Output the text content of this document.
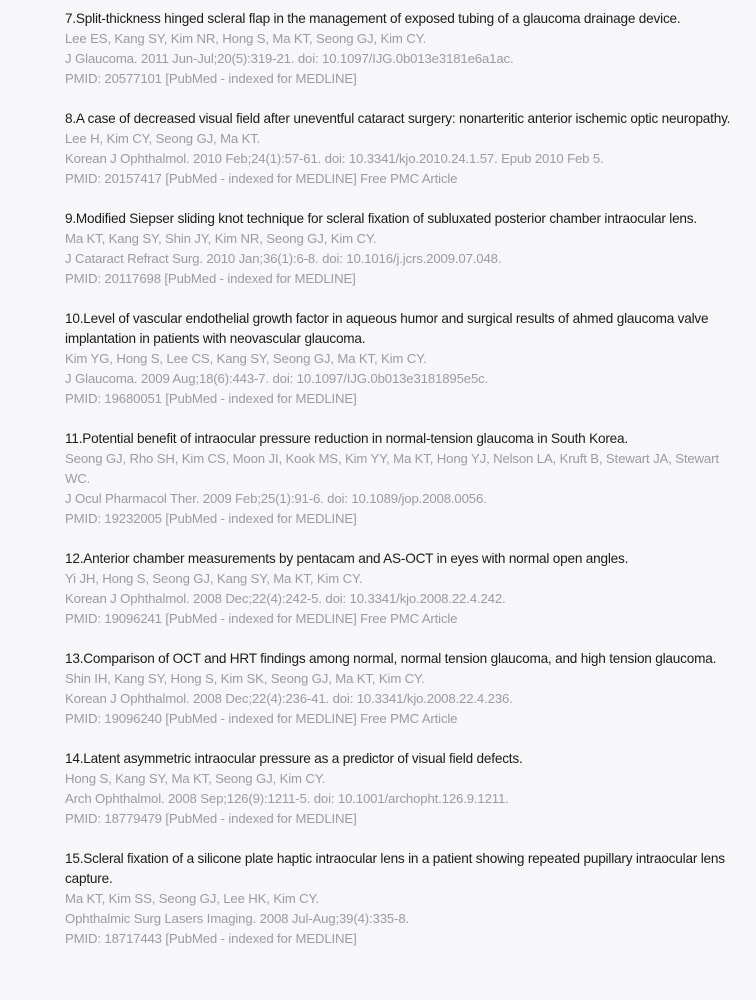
7.Split-thickness hinged scleral flap in the management of exposed tubing of a glaucoma drainage device.
Lee ES, Kang SY, Kim NR, Hong S, Ma KT, Seong GJ, Kim CY.
J Glaucoma. 2011 Jun-Jul;20(5):319-21. doi: 10.1097/IJG.0b013e3181e6a1ac.
PMID: 20577101 [PubMed - indexed for MEDLINE]
8.A case of decreased visual field after uneventful cataract surgery: nonarteritic anterior ischemic optic neuropathy.
Lee H, Kim CY, Seong GJ, Ma KT.
Korean J Ophthalmol. 2010 Feb;24(1):57-61. doi: 10.3341/kjo.2010.24.1.57. Epub 2010 Feb 5.
PMID: 20157417 [PubMed - indexed for MEDLINE] Free PMC Article
9.Modified Siepser sliding knot technique for scleral fixation of subluxated posterior chamber intraocular lens.
Ma KT, Kang SY, Shin JY, Kim NR, Seong GJ, Kim CY.
J Cataract Refract Surg. 2010 Jan;36(1):6-8. doi: 10.1016/j.jcrs.2009.07.048.
PMID: 20117698 [PubMed - indexed for MEDLINE]
10.Level of vascular endothelial growth factor in aqueous humor and surgical results of ahmed glaucoma valve implantation in patients with neovascular glaucoma.
Kim YG, Hong S, Lee CS, Kang SY, Seong GJ, Ma KT, Kim CY.
J Glaucoma. 2009 Aug;18(6):443-7. doi: 10.1097/IJG.0b013e3181895e5c.
PMID: 19680051 [PubMed - indexed for MEDLINE]
11.Potential benefit of intraocular pressure reduction in normal-tension glaucoma in South Korea.
Seong GJ, Rho SH, Kim CS, Moon JI, Kook MS, Kim YY, Ma KT, Hong YJ, Nelson LA, Kruft B, Stewart JA, Stewart WC.
J Ocul Pharmacol Ther. 2009 Feb;25(1):91-6. doi: 10.1089/jop.2008.0056.
PMID: 19232005 [PubMed - indexed for MEDLINE]
12.Anterior chamber measurements by pentacam and AS-OCT in eyes with normal open angles.
Yi JH, Hong S, Seong GJ, Kang SY, Ma KT, Kim CY.
Korean J Ophthalmol. 2008 Dec;22(4):242-5. doi: 10.3341/kjo.2008.22.4.242.
PMID: 19096241 [PubMed - indexed for MEDLINE] Free PMC Article
13.Comparison of OCT and HRT findings among normal, normal tension glaucoma, and high tension glaucoma.
Shin IH, Kang SY, Hong S, Kim SK, Seong GJ, Ma KT, Kim CY.
Korean J Ophthalmol. 2008 Dec;22(4):236-41. doi: 10.3341/kjo.2008.22.4.236.
PMID: 19096240 [PubMed - indexed for MEDLINE] Free PMC Article
14.Latent asymmetric intraocular pressure as a predictor of visual field defects.
Hong S, Kang SY, Ma KT, Seong GJ, Kim CY.
Arch Ophthalmol. 2008 Sep;126(9):1211-5. doi: 10.1001/archopht.126.9.1211.
PMID: 18779479 [PubMed - indexed for MEDLINE]
15.Scleral fixation of a silicone plate haptic intraocular lens in a patient showing repeated pupillary intraocular lens capture.
Ma KT, Kim SS, Seong GJ, Lee HK, Kim CY.
Ophthalmic Surg Lasers Imaging. 2008 Jul-Aug;39(4):335-8.
PMID: 18717443 [PubMed - indexed for MEDLINE]
